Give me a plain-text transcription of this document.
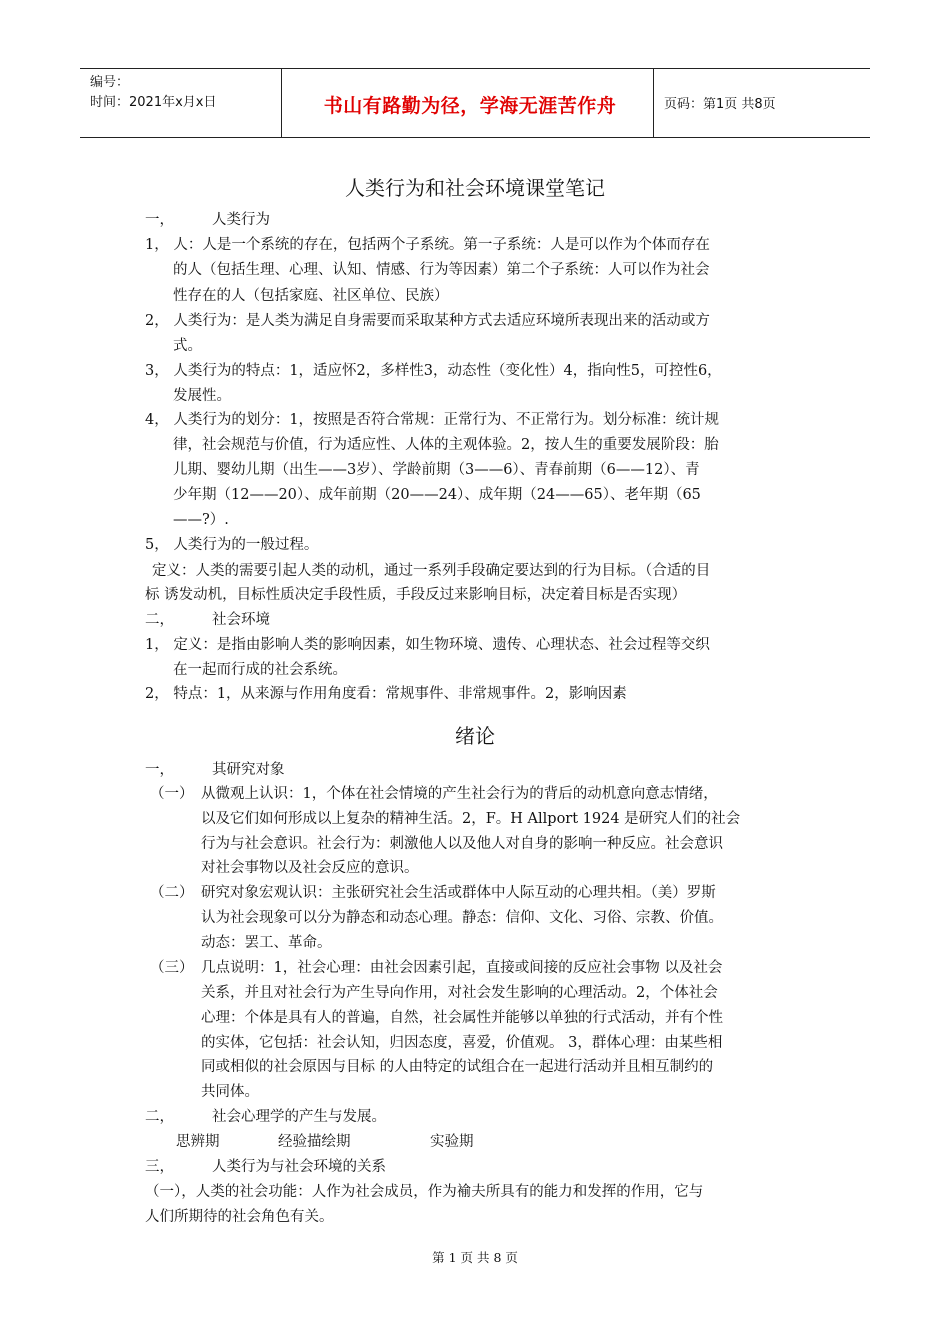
编号：
时间：2021年x月x日	书山有路勤为径，学海无涯苦作舟	页码：第1页 共8页
人类行为和社会环境课堂笔记
一，	人类行为
1， 人：人是一个系统的存在，包括两个子系统。第一子系统：人是可以作为个体而存在
的人（包括生理、心理、认知、情感、行为等因素）第二个子系统：人可以作为社会
性存在的人（包括家庭、社区单位、民族）
2， 人类行为：是人类为满足自身需要而采取某种方式去适应环境所表现出来的活动或方
式。
3， 人类行为的特点：1，适应怀2，多样性3，动态性（变化性）4，指向性5，可控性6，
发展性。
4， 人类行为的划分：1，按照是否符合常规：正常行为、不正常行为。划分标准：统计规
律，社会规范与价值，行为适应性、人体的主观体验。2，按人生的重要发展阶段：胎
儿期、婴幼儿期（出生——3岁）、学龄前期（3——6）、青春前期（6——12）、青
少年期（12——20）、成年前期（20——24）、成年期（24——65）、老年期（65
——?）.
5， 人类行为的一般过程。
定义：人类的需要引起人类的动机，通过一系列手段确定要达到的行为目标。（合适的目
标 诱发动机，目标性质决定手段性质，手段反过来影响目标，决定着目标是否实现）
二，	社会环境
1， 定义：是指由影响人类的影响因素，如生物环境、遗传、心理状态、社会过程等交织
在一起而行成的社会系统。
2， 特点：1，从来源与作用角度看：常规事件、非常规事件。2，影响因素
绪论
一，	其研究对象
（一） 从微观上认识：1，个体在社会情境的产生社会行为的背后的动机意向意志情绪，
以及它们如何形成以上复杂的精神生活。2，F。H Allport 1924 是研究人们的社会
行为与社会意识。社会行为：刺激他人以及他人对自身的影响一种反应。社会意识
对社会事物以及社会反应的意识。
（二） 研究对象宏观认识：主张研究社会生活或群体中人际互动的心理共相。（美）罗斯
认为社会现象可以分为静态和动态心理。静态：信仰、文化、习俗、宗教、价值。
动态：罢工、革命。
（三） 几点说明：1，社会心理：由社会因素引起，直接或间接的反应社会事物 以及社会
关系，并且对社会行为产生导向作用，对社会发生影响的心理活动。2，个体社会
心理：个体是具有人的普遍，自然，社会属性并能够以单独的行式活动，并有个性
的实体，它包括：社会认知，归因态度，喜爱，价值观。 3，群体心理：由某些相
同或相似的社会原因与目标 的人由特定的试组合在一起进行活动并且相互制约的
共同体。
二，	社会心理学的产生与发展。
思辨期	经验描绘期	实验期
三，	人类行为与社会环境的关系
（一），人类的社会功能：人作为社会成员，作为褕夫所具有的能力和发挥的作用，它与
人们所期待的社会角色有关。
第 1 页 共 8 页
